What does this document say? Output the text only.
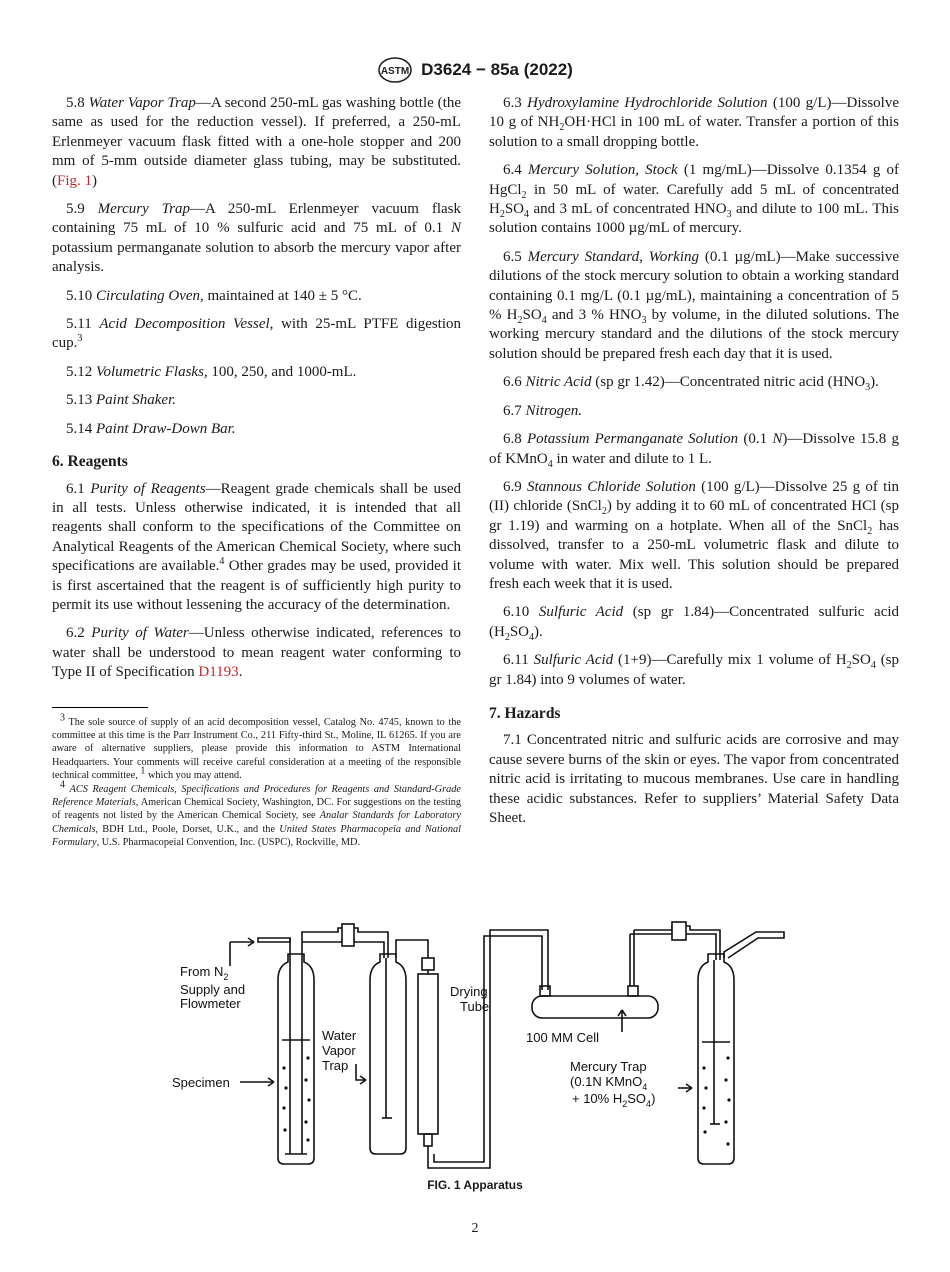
ASTM D3624 − 85a (2022)

5.8 Water Vapor Trap—A second 250-mL gas washing bottle (the same as used for the reduction vessel). If preferred, a 250-mL Erlenmeyer vacuum flask fitted with a one-hole stopper and 200 mm of 5-mm outside diameter glass tubing, may be substituted. (Fig. 1)

5.9 Mercury Trap—A 250-mL Erlenmeyer vacuum flask containing 75 mL of 10 % sulfuric acid and 75 mL of 0.1 N potassium permanganate solution to absorb the mercury vapor after analysis.

5.10 Circulating Oven, maintained at 140 ± 5 °C.

5.11 Acid Decomposition Vessel, with 25-mL PTFE digestion cup.$^3$

5.12 Volumetric Flasks, 100, 250, and 1000-mL.

5.13 Paint Shaker.

5.14 Paint Draw-Down Bar.

6. Reagents

6.1 Purity of Reagents—Reagent grade chemicals shall be used in all tests. Unless otherwise indicated, it is intended that all reagents shall conform to the specifications of the Committee on Analytical Reagents of the American Chemical Society, where such specifications are available.$^4$ Other grades may be used, provided it is first ascertained that the reagent is of sufficiently high purity to permit its use without lessening the accuracy of the determination.

6.2 Purity of Water—Unless otherwise indicated, references to water shall be understood to mean reagent water conforming to Type II of Specification D1193.

$^3$ The sole source of supply of an acid decomposition vessel, Catalog No. 4745, known to the committee at this time is the Parr Instrument Co., 211 Fifty-third St., Moline, IL 61265. If you are aware of alternative suppliers, please provide this information to ASTM International Headquarters. Your comments will receive careful consideration at a meeting of the responsible technical committee, $^1$ which you may attend.

$^4$ ACS Reagent Chemicals, Specifications and Procedures for Reagents and Standard-Grade Reference Materials, American Chemical Society, Washington, DC. For suggestions on the testing of reagents not listed by the American Chemical Society, see Analar Standards for Laboratory Chemicals, BDH Ltd., Poole, Dorset, U.K., and the United States Pharmacopeia and National Formulary, U.S. Pharmacopeial Convention, Inc. (USPC), Rockville, MD.

6.3 Hydroxylamine Hydrochloride Solution (100 g/L)—Dissolve 10 g of $NH_2OH\cdot HCl$ in 100 mL of water. Transfer a portion of this solution to a small dropping bottle.

6.4 Mercury Solution, Stock (1 mg/mL)—Dissolve 0.1354 g of HgCl$_2$ in 50 mL of water. Carefully add 5 mL of concentrated $H_2SO_4$ and 3 mL of concentrated $HNO_3$ and dilute to 100 mL. This solution contains 1000 µg/mL of mercury.

6.5 Mercury Standard, Working (0.1 µg/mL)—Make successive dilutions of the stock mercury solution to obtain a working standard containing 0.1 mg/L (0.1 µg/mL), maintaining a concentration of 5 % $H_2SO_4$ and 3 % $HNO_3$ by volume, in the diluted solutions. The working mercury standard and the dilutions of the stock mercury solution should be prepared fresh each day that it is used.

6.6 Nitric Acid (sp gr 1.42)—Concentrated nitric acid $(HNO_3)$.

6.7 Nitrogen.

6.8 Potassium Permanganate Solution (0.1 N)—Dissolve 15.8 g of KMnO$_4$ in water and dilute to 1 L.

6.9 Stannous Chloride Solution (100 g/L)—Dissolve 25 g of tin (II) chloride (SnCl$_2$) by adding it to 60 mL of concentrated HCl (sp gr 1.19) and warming on a hotplate. When all of the SnCl$_2$ has dissolved, transfer to a 250-mL volumetric flask and dilute to volume with water. Mix well. This solution should be prepared fresh each week that it is used.

6.10 Sulfuric Acid (sp gr 1.84)—Concentrated sulfuric acid $(H_2SO_4)$.

6.11 Sulfuric Acid (1+9)—Carefully mix 1 volume of $H_2SO_4$ (sp gr 1.84) into 9 volumes of water.

7. Hazards

7.1 Concentrated nitric and sulfuric acids are corrosive and may cause severe burns of the skin or eyes. The vapor from concentrated nitric acid is irritating to mucous membranes. Use care in handling these acidic substances. Refer to suppliers’ Material Safety Data Sheet.

From $N_2$
Supply and
Flowmeter
Specimen
Water
Vapor
Trap
Drying
Tube
100 MM Cell
Mercury Trap
(0.1N KMnO$_4$
+ 10% $H_2SO_4$)
FIG. 1 Apparatus
2
